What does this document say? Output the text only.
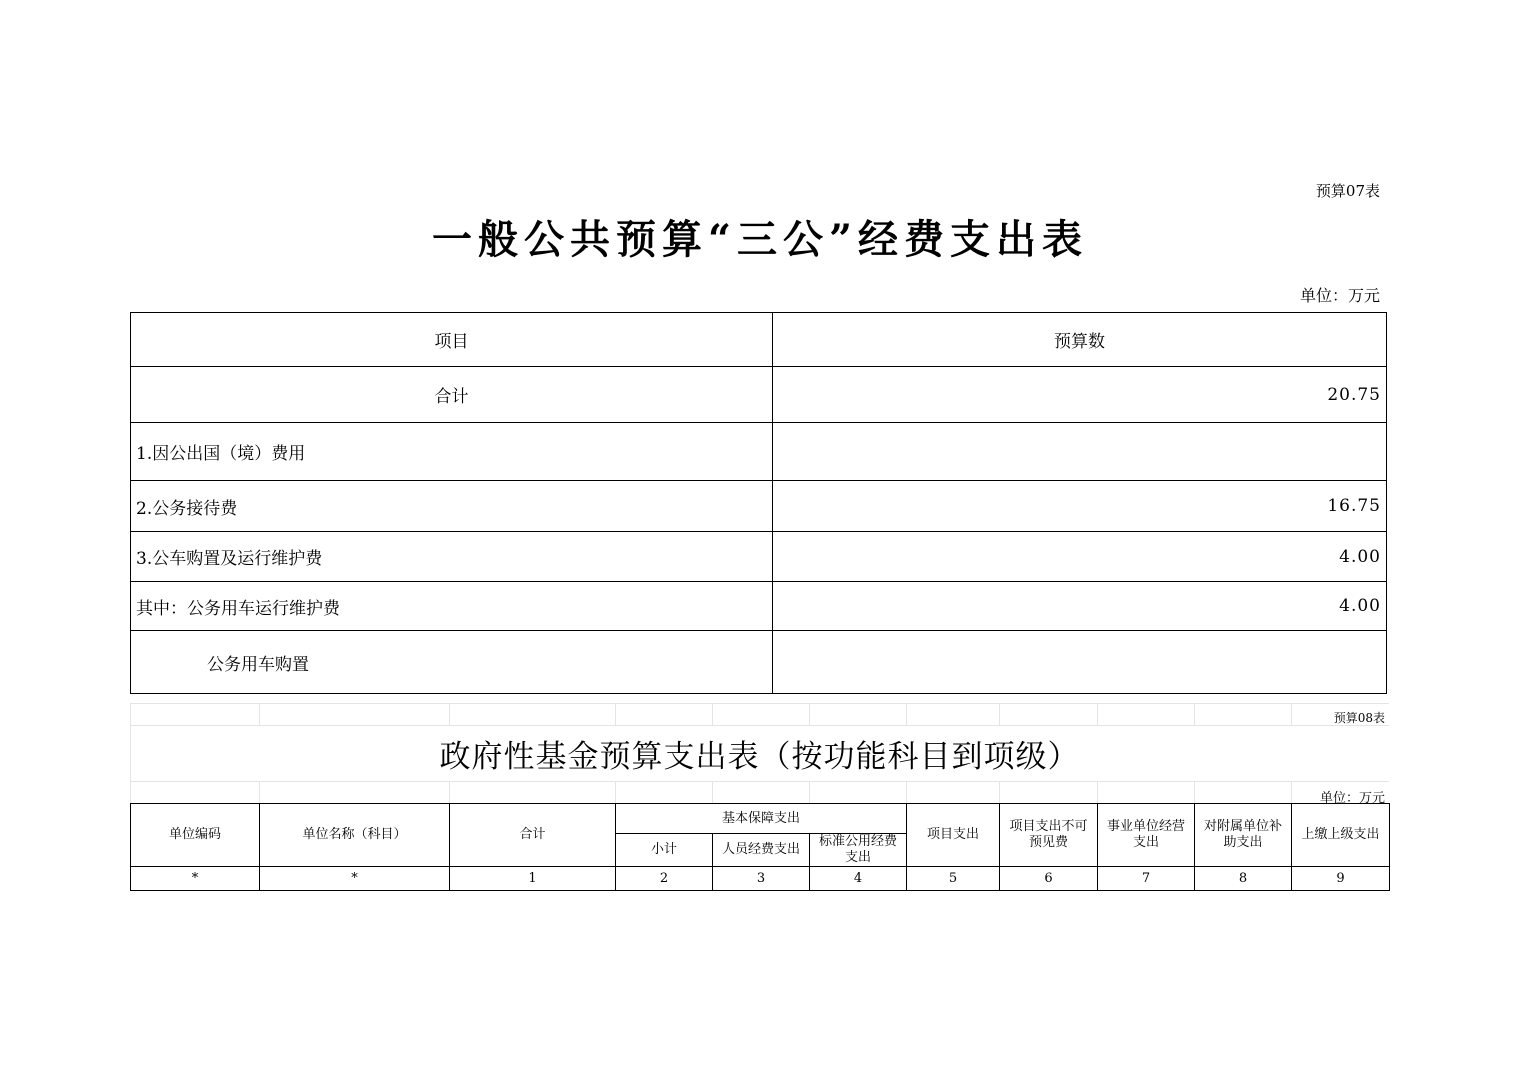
预算07表
一般公共预算“三公”经费支出表
单位：万元
项目	预算数
合计	20.75
1.因公出国（境）费用	
2.公务接待费	16.75
3.公车购置及运行维护费	4.00
其中：公务用车运行维护费	4.00
公务用车购置	
预算08表
政府性基金预算支出表（按功能科目到项级）
单位：万元
单位编码	单位名称（科目）	合计	基本保障支出			项目支出	项目支出不可预见费	事业单位经营支出	对附属单位补助支出	上缴上级支出
			小计	人员经费支出	标准公用经费支出					

*	*	1	2	3	4	5	6	7	8	9
